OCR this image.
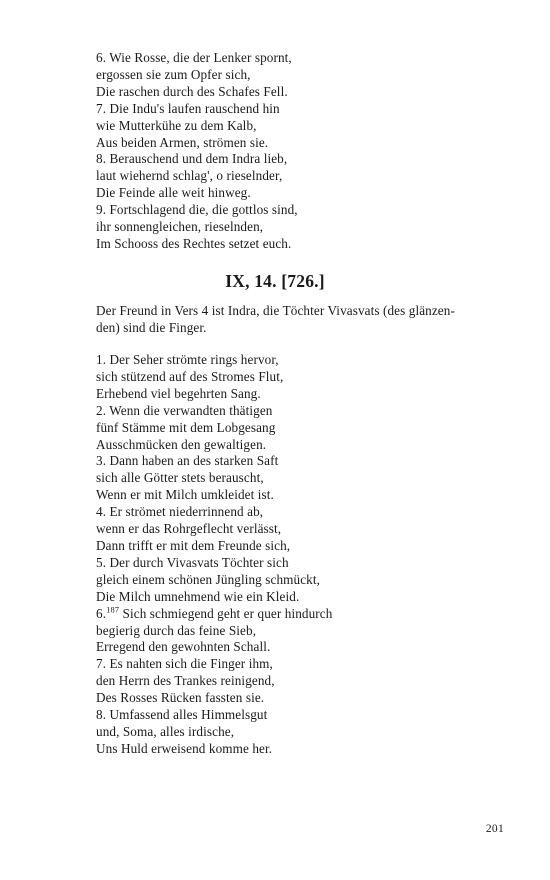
6. Wie Rosse, die der Lenker spornt,
ergossen sie zum Opfer sich,
Die raschen durch des Schafes Fell.
7. Die Indu's laufen rauschend hin
wie Mutterkühe zu dem Kalb,
Aus beiden Armen, strömen sie.
8. Berauschend und dem Indra lieb,
laut wiehernd schlag', o rieselnder,
Die Feinde alle weit hinweg.
9. Fortschlagend die, die gottlos sind,
ihr sonnengleichen, rieselnden,
Im Schooss des Rechtes setzet euch.
IX, 14. [726.]
Der Freund in Vers 4 ist Indra, die Töchter Vivasvats (des glänzen-
den) sind die Finger.
1. Der Seher strömte rings hervor,
sich stützend auf des Stromes Flut,
Erhebend viel begehrten Sang.
2. Wenn die verwandten thätigen
fünf Stämme mit dem Lobgesang
Ausschmücken den gewaltigen.
3. Dann haben an des starken Saft
sich alle Götter stets berauscht,
Wenn er mit Milch umkleidet ist.
4. Er strömet niederrinnend ab,
wenn er das Rohrgeflecht verlässt,
Dann trifft er mit dem Freunde sich,
5. Der durch Vivasvats Töchter sich
gleich einem schönen Jüngling schmückt,
Die Milch umnehmend wie ein Kleid.
6.$^{187}$ Sich schmiegend geht er quer hindurch
begierig durch das feine Sieb,
Erregend den gewohnten Schall.
7. Es nahten sich die Finger ihm,
den Herrn des Trankes reinigend,
Des Rosses Rücken fassten sie.
8. Umfassend alles Himmelsgut
und, Soma, alles irdische,
Uns Huld erweisend komme her.
201
